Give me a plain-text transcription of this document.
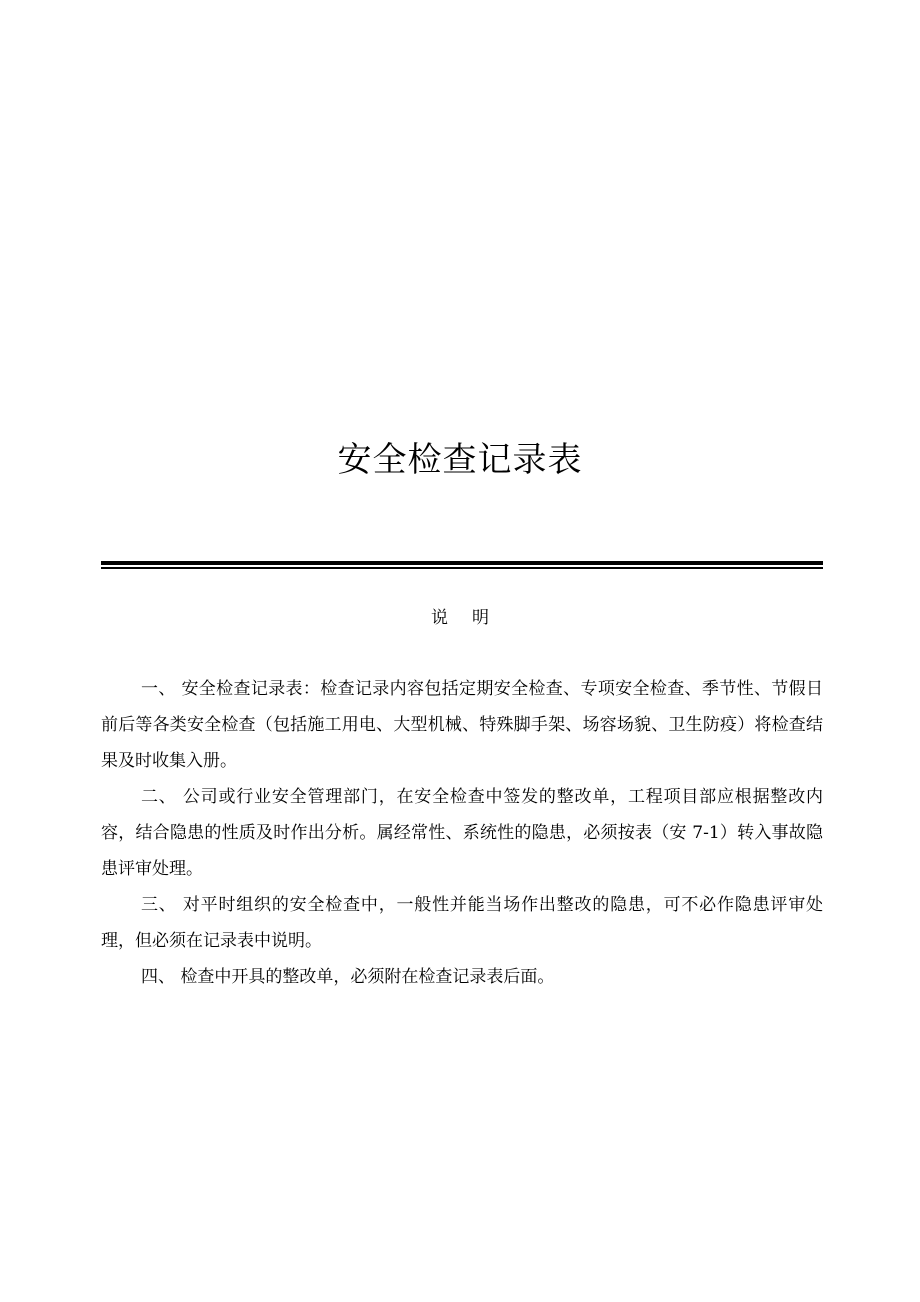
安全检查记录表
说 明

一、 安全检查记录表：检查记录内容包括定期安全检查、专项安全检查、季节性、节假日前后等各类安全检查（包括施工用电、大型机械、特殊脚手架、场容场貌、卫生防疫）将检查结果及时收集入册。

二、 公司或行业安全管理部门，在安全检查中签发的整改单，工程项目部应根据整改内容，结合隐患的性质及时作出分析。属经常性、系统性的隐患，必须按表（安 7-1）转入事故隐患评审处理。

三、 对平时组织的安全检查中，一般性并能当场作出整改的隐患，可不必作隐患评审处理，但必须在记录表中说明。

四、 检查中开具的整改单，必须附在检查记录表后面。
